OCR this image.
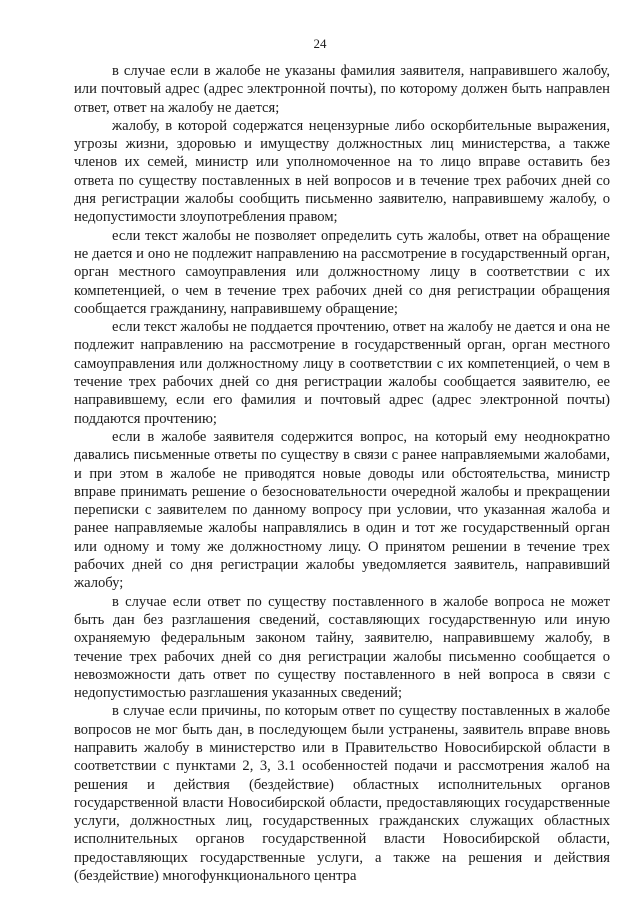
24

в случае если в жалобе не указаны фамилия заявителя, направившего жалобу, или почтовый адрес (адрес электронной почты), по которому должен быть направлен ответ, ответ на жалобу не дается;

жалобу, в которой содержатся нецензурные либо оскорбительные выражения, угрозы жизни, здоровью и имуществу должностных лиц министерства, а также членов их семей, министр или уполномоченное на то лицо вправе оставить без ответа по существу поставленных в ней вопросов и в течение трех рабочих дней со дня регистрации жалобы сообщить письменно заявителю, направившему жалобу, о недопустимости злоупотребления правом;

если текст жалобы не позволяет определить суть жалобы, ответ на обращение не дается и оно не подлежит направлению на рассмотрение в государственный орган, орган местного самоуправления или должностному лицу в соответствии с их компетенцией, о чем в течение трех рабочих дней со дня регистрации обращения сообщается гражданину, направившему обращение;

если текст жалобы не поддается прочтению, ответ на жалобу не дается и она не подлежит направлению на рассмотрение в государственный орган, орган местного самоуправления или должностному лицу в соответствии с их компетенцией, о чем в течение трех рабочих дней со дня регистрации жалобы сообщается заявителю, ее направившему, если его фамилия и почтовый адрес (адрес электронной почты) поддаются прочтению;

если в жалобе заявителя содержится вопрос, на который ему неоднократно давались письменные ответы по существу в связи с ранее направляемыми жалобами, и при этом в жалобе не приводятся новые доводы или обстоятельства, министр вправе принимать решение о безосновательности очередной жалобы и прекращении переписки с заявителем по данному вопросу при условии, что указанная жалоба и ранее направляемые жалобы направлялись в один и тот же государственный орган или одному и тому же должностному лицу. О принятом решении в течение трех рабочих дней со дня регистрации жалобы уведомляется заявитель, направивший жалобу;

в случае если ответ по существу поставленного в жалобе вопроса не может быть дан без разглашения сведений, составляющих государственную или иную охраняемую федеральным законом тайну, заявителю, направившему жалобу, в течение трех рабочих дней со дня регистрации жалобы письменно сообщается о невозможности дать ответ по существу поставленного в ней вопроса в связи с недопустимостью разглашения указанных сведений;

в случае если причины, по которым ответ по существу поставленных в жалобе вопросов не мог быть дан, в последующем были устранены, заявитель вправе вновь направить жалобу в министерство или в Правительство Новосибирской области в соответствии с пунктами 2, 3, 3.1 особенностей подачи и рассмотрения жалоб на решения и действия (бездействие) областных исполнительных органов государственной власти Новосибирской области, предоставляющих государственные услуги, должностных лиц, государственных гражданских служащих областных исполнительных органов государственной власти Новосибирской области, предоставляющих государственные услуги, а также на решения и действия (бездействие) многофункционального центра
